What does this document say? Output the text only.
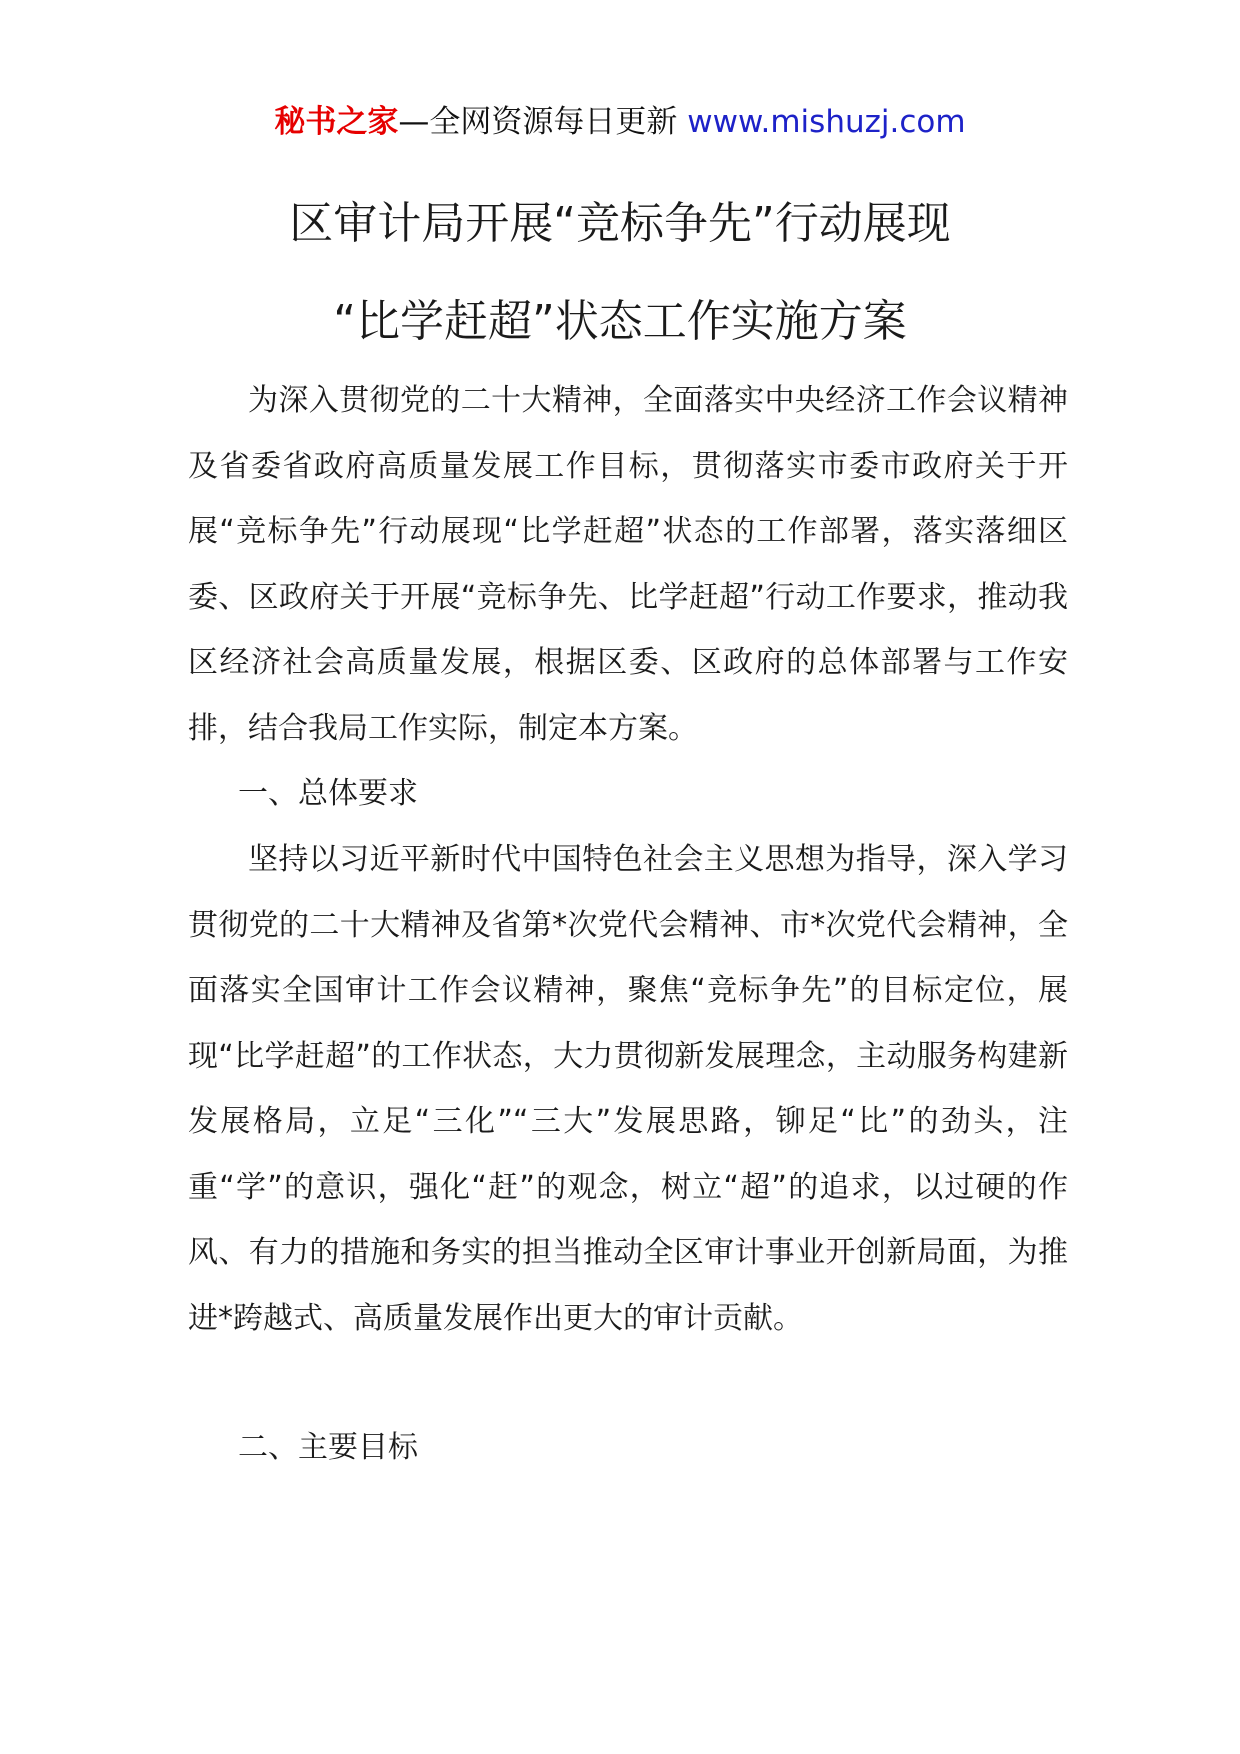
秘书之家—全网资源每日更新 www.mishuzj.com
区审计局开展“竞标争先”行动展现
“比学赶超”状态工作实施方案

为深入贯彻党的二十大精神，全面落实中央经济工作会议精神及省委省政府高质量发展工作目标，贯彻落实市委市政府关于开展“竞标争先”行动展现“比学赶超”状态的工作部署，落实落细区委、区政府关于开展“竞标争先、比学赶超”行动工作要求，推动我区经济社会高质量发展，根据区委、区政府的总体部署与工作安排，结合我局工作实际，制定本方案。

一、总体要求

坚持以习近平新时代中国特色社会主义思想为指导，深入学习贯彻党的二十大精神及省第*次党代会精神、市*次党代会精神，全面落实全国审计工作会议精神，聚焦“竞标争先”的目标定位，展现“比学赶超”的工作状态，大力贯彻新发展理念，主动服务构建新发展格局，立足“三化”“三大”发展思路，铆足“比”的劲头，注重“学”的意识，强化“赶”的观念，树立“超”的追求，以过硬的作风、有力的措施和务实的担当推动全区审计事业开创新局面，为推进*跨越式、高质量发展作出更大的审计贡献。

二、主要目标
